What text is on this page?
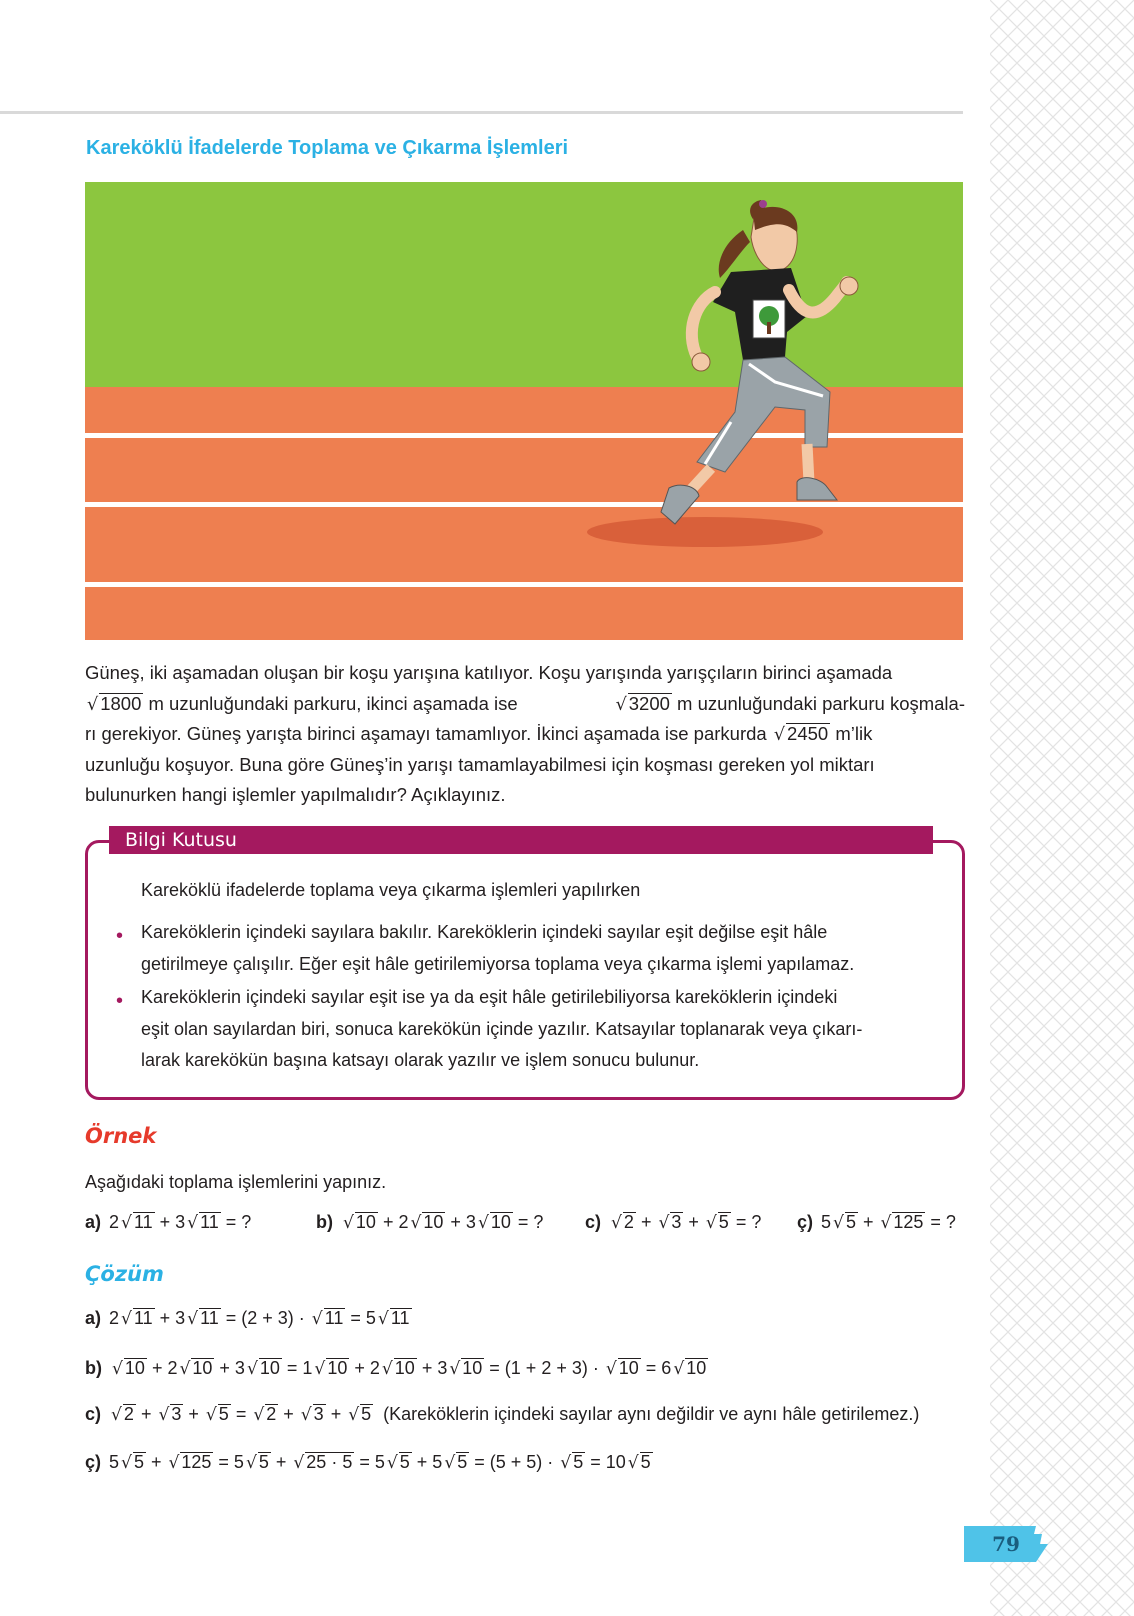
Kareköklü İfadelerde Toplama ve Çıkarma İşlemleri
Güneş, iki aşamadan oluşan bir koşu yarışına katılıyor. Koşu yarışında yarışçıların birinci aşamada
√ 1800 m uzunluğundaki parkuru, ikinci aşamada ise	√ 3200 m uzunluğundaki parkuru koşmala-
rı gerekiyor. Güneş yarışta birinci aşamayı tamamlıyor. İkinci aşamada ise parkurda √ 2450 m’lik
uzunluğu koşuyor. Buna göre Güneş’in yarışı tamamlayabilmesi için koşması gereken yol miktarı
bulunurken hangi işlemler yapılmalıdır? Açıklayınız.
Bilgi Kutusu
Kareköklü ifadelerde toplama veya çıkarma işlemleri yapılırken
• Kareköklerin içindeki sayılara bakılır. Kareköklerin içindeki sayılar eşit değilse eşit hâle
getirilmeye çalışılır. Eğer eşit hâle getirilemiyorsa toplama veya çıkarma işlemi yapılamaz.
• Kareköklerin içindeki sayılar eşit ise ya da eşit hâle getirilebiliyorsa kareköklerin içindeki
eşit olan sayılardan biri, sonuca karekökün içinde yazılır. Katsayılar toplanarak veya çıkarı-
larak karekökün başına katsayı olarak yazılır ve işlem sonucu bulunur.
Örnek
Aşağıdaki toplama işlemlerini yapınız.
a) 2 √ 11 + 3 √ 11 = ?	b) √ 10 + 2 √ 10 + 3 √ 10 = ? c) √ 2 + √ 3 + √ 5 = ? ç) 5 √ 5 + √ 125 = ?
Çözüm
a) 2 √ 11 + 3 √ 11 = (2 + 3) · √ 11 = 5 √ 11
b) √ 10 + 2 √ 10 + 3 √ 10 = 1 √ 10 + 2 √ 10 + 3 √ 10 = (1 + 2 + 3) · √ 10 = 6 √ 10
c) √ 2 + √ 3 + √ 5 = √ 2 + √ 3 + √ 5 (Kareköklerin içindeki sayılar aynı değildir ve aynı hâle getirilemez.)
ç) 5 √ 5 + √ 125 = 5 √ 5 + √ 25 · 5 = 5 √ 5 + 5 √ 5 = (5 + 5) · √ 5 = 10 √ 5
79
